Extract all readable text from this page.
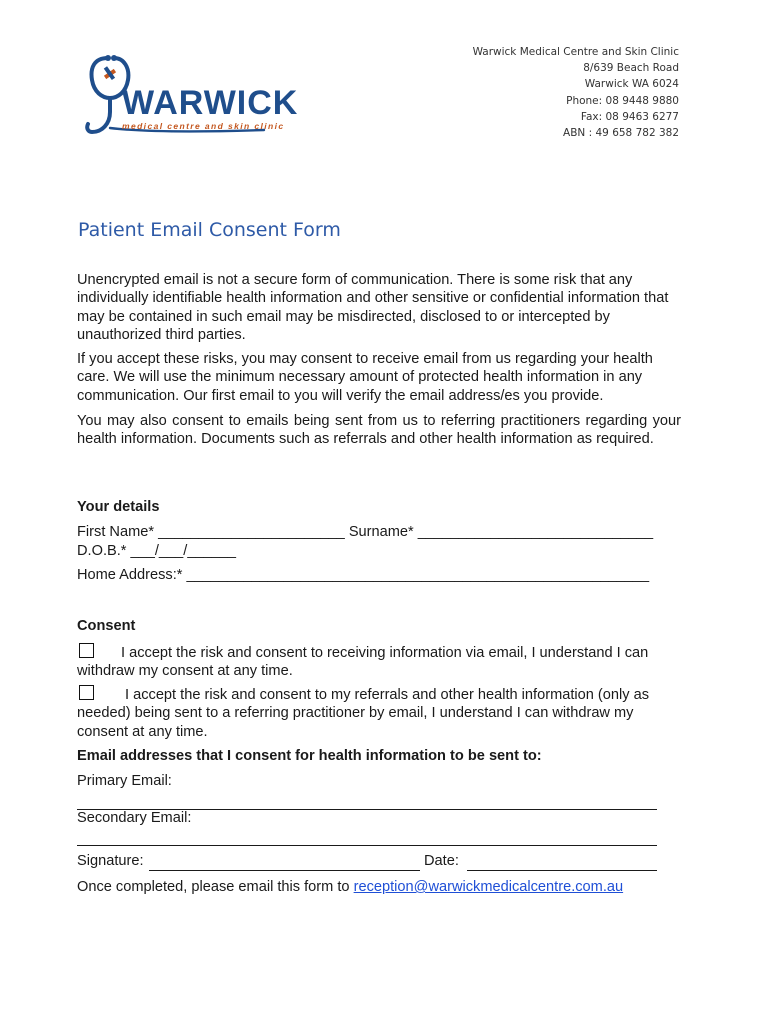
WARWICK
medical centre and skin clinic
Warwick Medical Centre and Skin Clinic
8/639 Beach Road
Warwick WA 6024
Phone: 08 9448 9880
Fax: 08 9463 6277
ABN : 49 658 782 382
Patient Email Consent Form

Unencrypted email is not a secure form of communication. There is some risk that any individually identifiable health information and other sensitive or confidential information that may be contained in such email may be misdirected, disclosed to or intercepted by unauthorized third parties.

If you accept these risks, you may consent to receive email from us regarding your health care. We will use the minimum necessary amount of protected health information in any communication. Our first email to you will verify the email address/es you provide.

You may also consent to emails being sent from us to referring practitioners regarding your health information. Documents such as referrals and other health information as required.

Your details
First Name* _______________________ Surname* _____________________________
D.O.B.* ___/___/______
Home Address:* _________________________________________________________
Consent

I accept the risk and consent to receiving information via email, I understand I can withdraw my consent at any time.

I accept the risk and consent to my referrals and other health information (only as needed) being sent to a referring practitioner by email, I understand I can withdraw my consent at any time.

Email addresses that I consent for health information to be sent to:
Primary Email:
Secondary Email:
Signature:	Date:
Once completed, please email this form to reception@warwickmedicalcentre.com.au
